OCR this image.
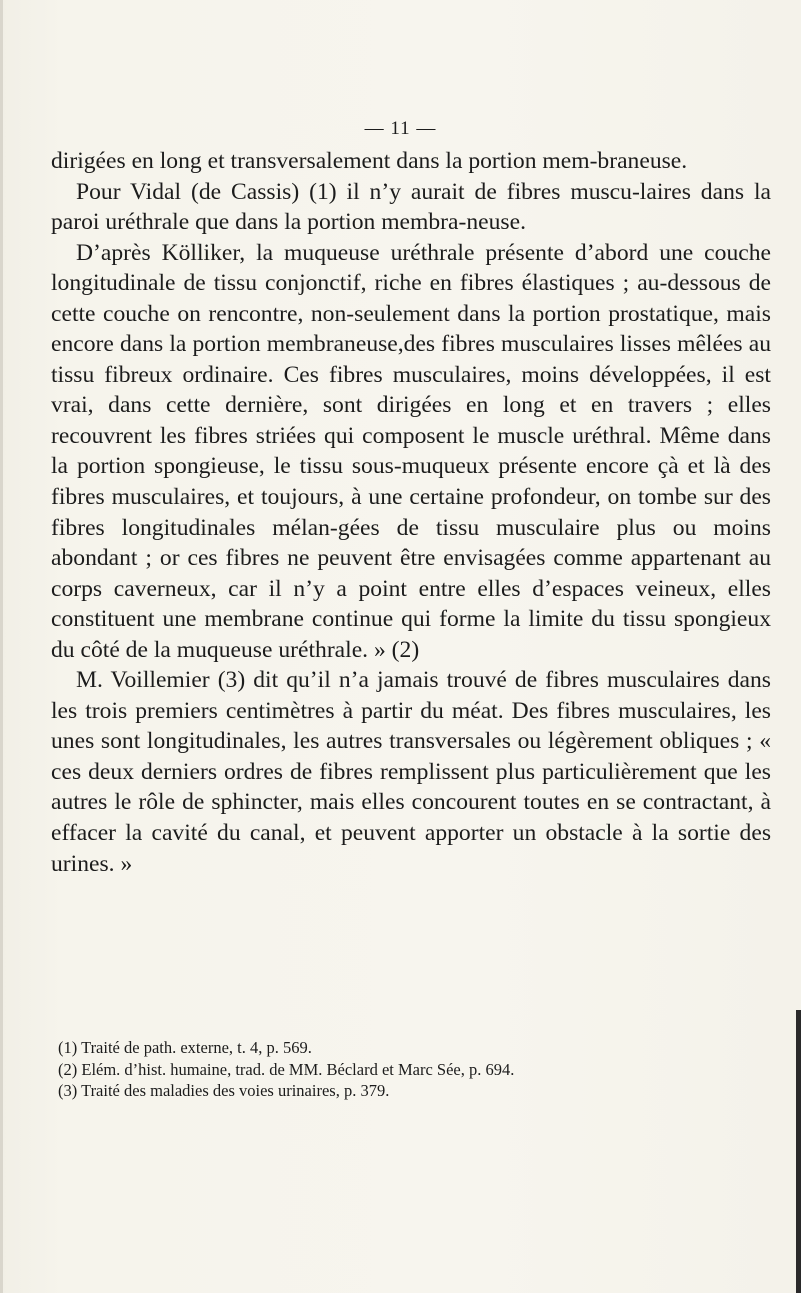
— 11 —

dirigées en long et transversalement dans la portion mem-braneuse.

Pour Vidal (de Cassis) (1) il n’y aurait de fibres muscu-laires dans la paroi uréthrale que dans la portion membra-neuse.

D’après Kölliker, la muqueuse uréthrale présente d’abord une couche longitudinale de tissu conjonctif, riche en fibres élastiques ; au-dessous de cette couche on rencontre, non-seulement dans la portion prostatique, mais encore dans la portion membraneuse,des fibres musculaires lisses mêlées au tissu fibreux ordinaire. Ces fibres musculaires, moins développées, il est vrai, dans cette dernière, sont dirigées en long et en travers ; elles recouvrent les fibres striées qui composent le muscle uréthral. Même dans la portion spongieuse, le tissu sous-muqueux présente encore çà et là des fibres musculaires, et toujours, à une certaine profondeur, on tombe sur des fibres longitudinales mélan-gées de tissu musculaire plus ou moins abondant ; or ces fibres ne peuvent être envisagées comme appartenant au corps caverneux, car il n’y a point entre elles d’espaces veineux, elles constituent une membrane continue qui forme la limite du tissu spongieux du côté de la muqueuse uréthrale. » (2)

M. Voillemier (3) dit qu’il n’a jamais trouvé de fibres musculaires dans les trois premiers centimètres à partir du méat. Des fibres musculaires, les unes sont longitudinales, les autres transversales ou légèrement obliques ; « ces deux derniers ordres de fibres remplissent plus particulièrement que les autres le rôle de sphincter, mais elles concourent toutes en se contractant, à effacer la cavité du canal, et peuvent apporter un obstacle à la sortie des urines. »

(1) Traité de path. externe, t. 4, p. 569.
(2) Elém. d’hist. humaine, trad. de MM. Béclard et Marc Sée, p. 694.
(3) Traité des maladies des voies urinaires, p. 379.
